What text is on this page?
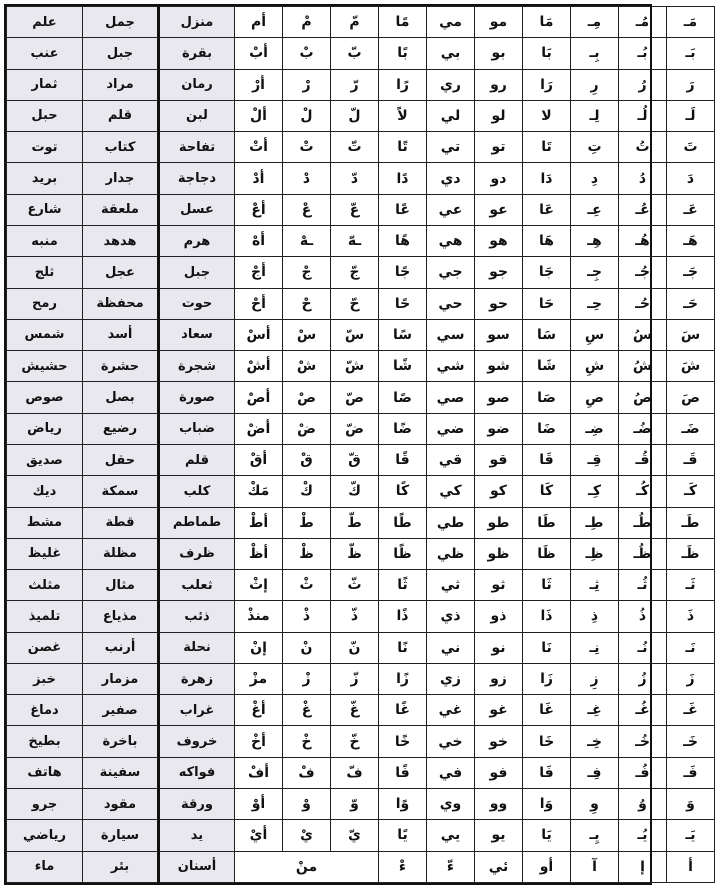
مَـ	مُـ	مِـ	مَا	مو	مي	مًا	مّ	مْ	أم	منزل	جمل	علم
بَـ	بُـ	بِـ	بَا	بو	بي	بًا	بّ	بْ	أبْ	بقرة	جبل	عنب
رَ	رُ	رِ	رَا	رو	ري	رًا	رّ	رْ	أرْ	رمان	مراد	ثمار
لَـ	لُـ	لِـ	لا	لو	لي	لاً	لّ	لْ	ألْ	لبن	قلم	حبل
تَ	تُ	تِ	تَا	تو	تي	تًا	تّ	تْ	أتْ	تفاحة	كتاب	توت
دَ	دُ	دِ	دَا	دو	دي	دًا	دّ	دْ	أدْ	دجاجة	جدار	بريد
عَـ	عُـ	عِـ	عَا	عو	عي	عًا	عّ	عْ	أعْ	عسل	ملعقة	شارع
هَـ	هُـ	هِـ	هَا	هو	هي	هًا	ـهّ	ـهْ	أهْ	هرم	هدهد	منبه
جَـ	جُـ	جِـ	جَا	جو	جي	جًا	جّ	جْ	أجْ	جبل	عجل	ثلج
حَـ	حُـ	حِـ	حَا	حو	حي	حًا	حّ	حْ	أحْ	حوت	محفظة	رمح
سَ	سُ	سِ	سَا	سو	سي	سًا	سّ	سْ	أسْ	سعاد	أسد	شمس
شَ	شُ	شِ	شَا	شو	شي	شًا	شّ	شْ	أشْ	شجرة	حشرة	حشيش
صَ	صُ	صِ	صَا	صو	صي	صًا	صّ	صْ	أصْ	صورة	بصل	صوص
ضَـ	ضُـ	ضِـ	ضَا	ضو	ضي	ضًا	ضّ	ضْ	أضْ	ضباب	رضيع	رياض
قَـ	قُـ	قِـ	قَا	قو	قي	قًا	قّ	قْ	أقْ	قلم	حقل	صديق
كَـ	كُـ	كِـ	كَا	كو	كي	كًا	كّ	كْ	مَكْ	كلب	سمكة	ديك
طَـ	طُـ	طِـ	طَا	طو	طي	طًا	طّ	طْ	أطْ	طماطم	قطة	مشط
ظَـ	ظُـ	ظِـ	ظَا	ظو	ظي	ظًا	ظّ	ظْ	أظْ	ظرف	مظلة	غليظ
ثَـ	ثُـ	ثِـ	ثَا	ثو	ثي	ثًا	ثّ	ثْ	إثْ	ثعلب	مثال	مثلث
ذَ	ذُ	ذِ	ذَا	ذو	ذي	ذًا	ذّ	ذْ	منذْ	ذئب	مذياع	تلميذ
نَـ	نُـ	نِـ	نَا	نو	ني	نًا	نّ	نْ	إنْ	نحلة	أرنب	غصن
زَ	زُ	زِ	زَا	زو	زي	زًا	زّ	زْ	مزْ	زهرة	مزمار	خبز
غَـ	غُـ	غِـ	غَا	غو	غي	غًا	غّ	غْ	أغْ	غراب	صفير	دماغ
خَـ	خُـ	خِـ	خَا	خو	خي	خًا	خّ	خْ	أخْ	خروف	باخرة	بطيخ
فَـ	فُـ	فِـ	فَا	فو	في	فًا	فّ	فْ	أفْ	فواكه	سفينة	هاتف
وَ	وُ	وِ	وَا	وو	وي	وًا	وّ	وْ	أوْ	ورقة	مقود	جرو
يَـ	يُـ	يِـ	يَا	يو	يي	يًا	يّ	يْ	أيْ	يد	سيارة	رياضي
أ	إ	آ	أو	ئي	ءّ	ءْ	منْ			أسنان	بئر	ماء
